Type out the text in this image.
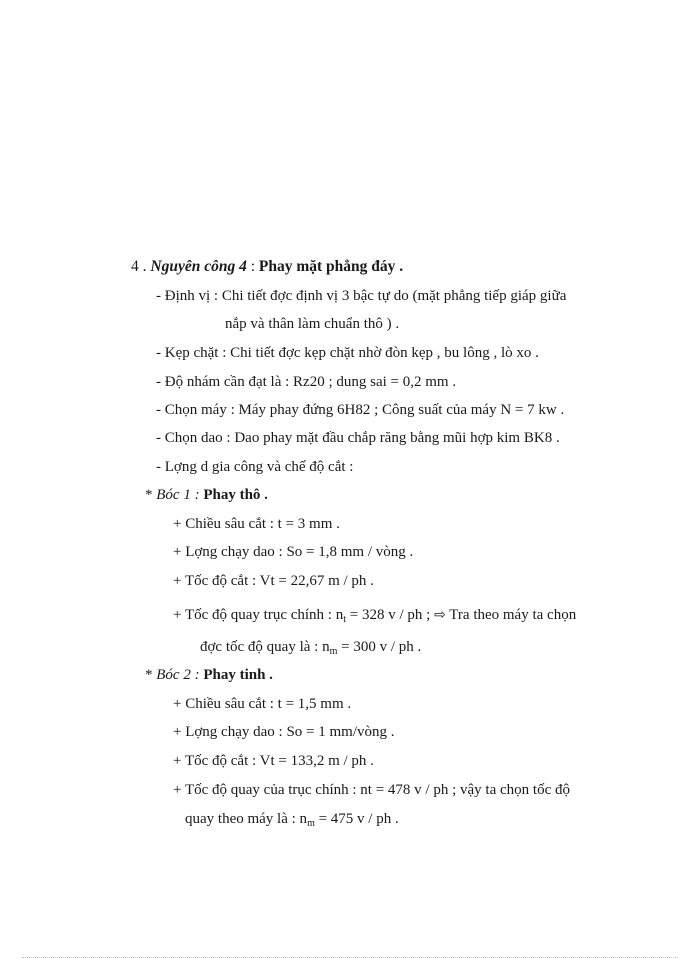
4 . Nguyên công 4 : Phay mặt phẳng đáy .
- Định vị : Chi tiết đợc định vị 3 bậc tự do (mặt phẳng tiếp giáp giữa
nắp và thân làm chuẩn thô ) .
- Kẹp chặt : Chi tiết đợc kẹp chặt nhờ đòn kẹp , bu lông , lò xo .
- Độ nhám cần đạt là : Rz20 ; dung sai = 0,2 mm .
- Chọn máy : Máy phay đứng 6H82 ; Công suất của máy N = 7 kw .
- Chọn dao : Dao phay mặt đầu chắp răng bằng mũi hợp kim BK8 .
- Lợng d gia công và chế độ cắt :
* Bóc 1 : Phay thô .
+ Chiều sâu cắt : t = 3 mm .
+ Lợng chạy dao : So = 1,8 mm / vòng .
+ Tốc độ cắt : Vt = 22,67 m / ph .
+ Tốc độ quay trục chính : $n_t = 328$ v / ph ; ⇨ Tra theo máy ta chọn
đợc tốc độ quay là : $n_m = 300$ v / ph .
* Bóc 2 : Phay tinh .
+ Chiều sâu cắt : t = 1,5 mm .
+ Lợng chạy dao : So = 1 mm/vòng .
+ Tốc độ cắt : Vt = 133,2 m / ph .
+ Tốc độ quay của trục chính : nt = 478 v / ph ; vậy ta chọn tốc độ
quay theo máy là : $n_m = 475$ v / ph .
